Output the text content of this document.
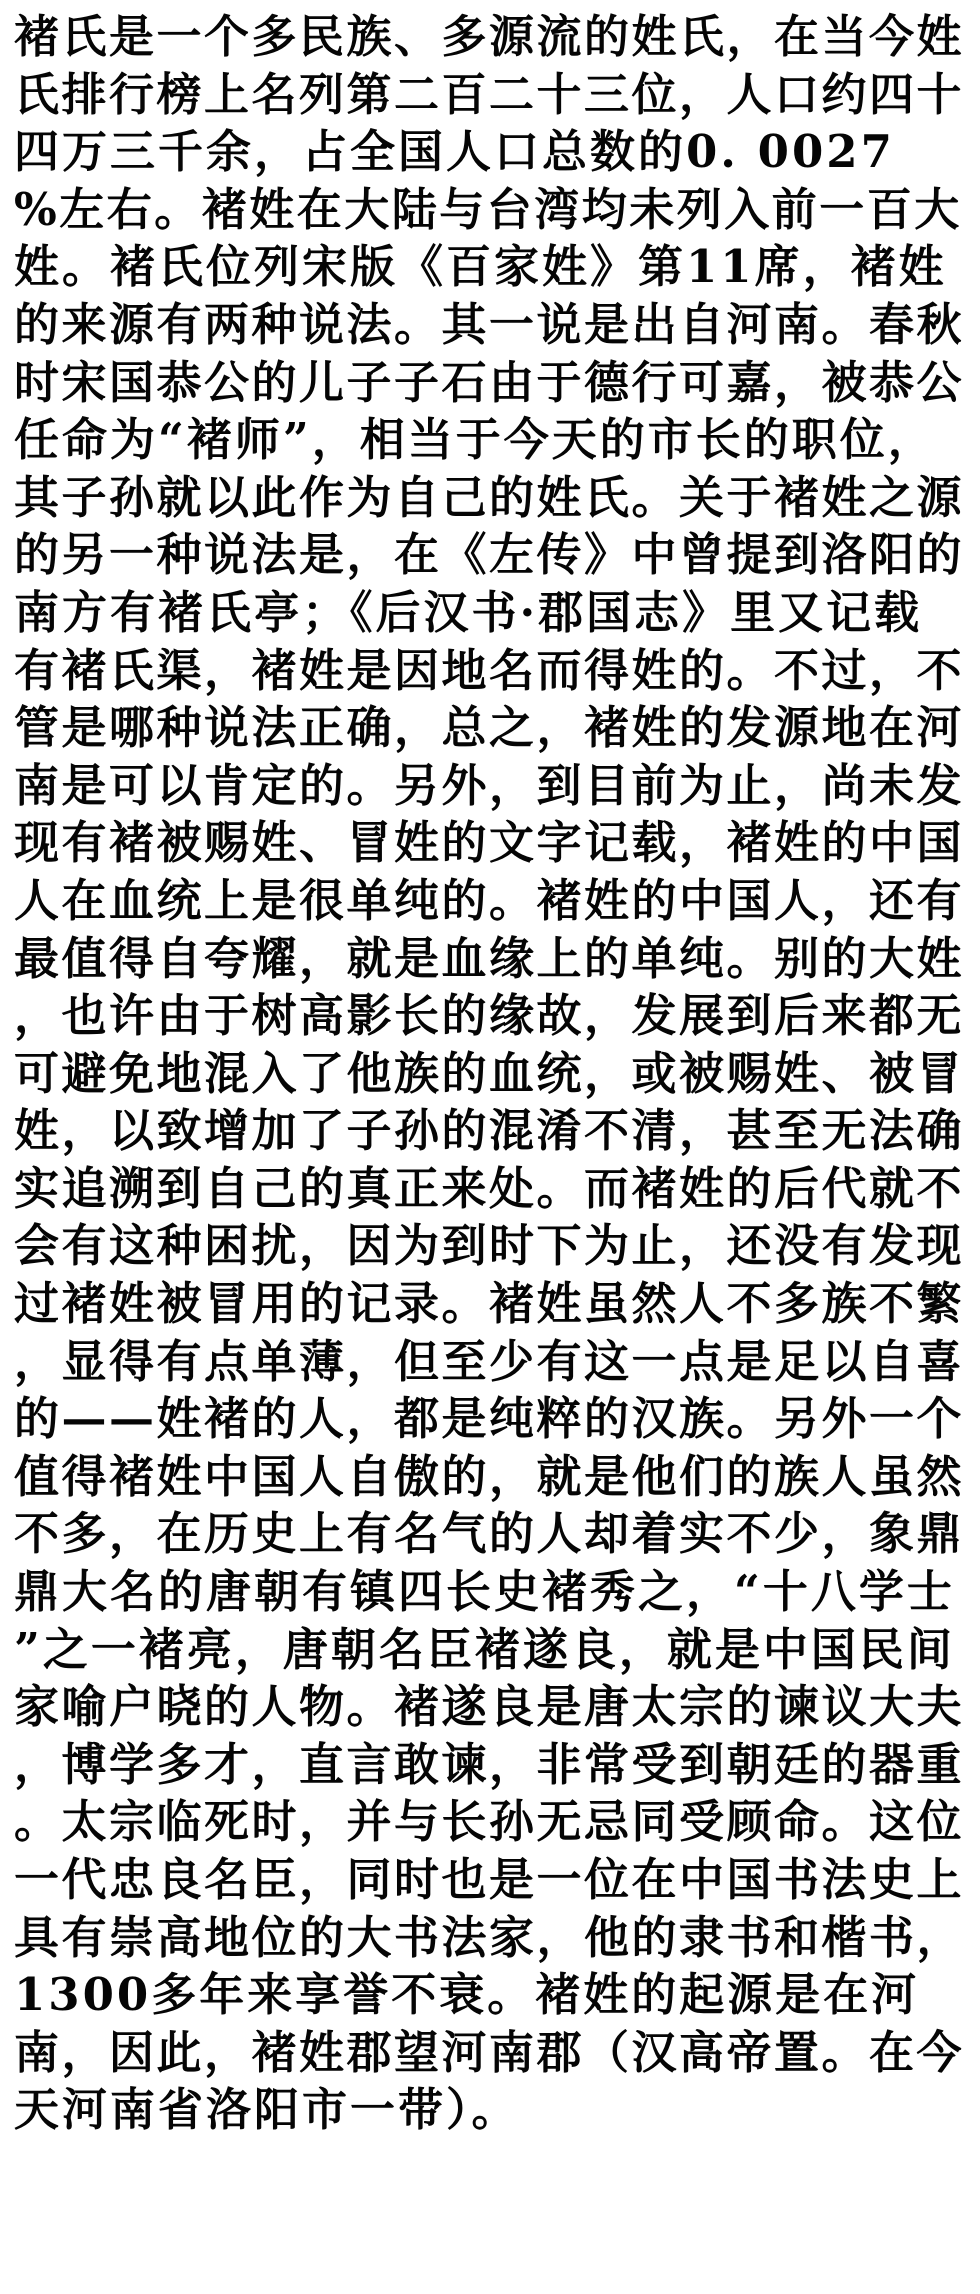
褚氏是一个多民族、多源流的姓氏，在当今姓
氏排行榜上名列第二百二十三位，人口约四十
四万三千余，占全国人口总数的0. 0027
%左右。褚姓在大陆与台湾均未列入前一百大
姓。褚氏位列宋版《百家姓》第11席，褚姓
的来源有两种说法。其一说是出自河南。春秋
时宋国恭公的儿子子石由于德行可嘉，被恭公
任命为“褚师”，相当于今天的市长的职位，
其子孙就以此作为自己的姓氏。关于褚姓之源
的另一种说法是，在《左传》中曾提到洛阳的
南方有褚氏亭；《后汉书·郡国志》里又记载
有褚氏渠，褚姓是因地名而得姓的。不过，不
管是哪种说法正确，总之，褚姓的发源地在河
南是可以肯定的。另外，到目前为止，尚未发
现有褚被赐姓、冒姓的文字记载，褚姓的中国
人在血统上是很单纯的。褚姓的中国人，还有
最值得自夸耀，就是血缘上的单纯。别的大姓
，也许由于树高影长的缘故，发展到后来都无
可避免地混入了他族的血统，或被赐姓、被冒
姓，以致增加了子孙的混淆不清，甚至无法确
实追溯到自己的真正来处。而褚姓的后代就不
会有这种困扰，因为到时下为止，还没有发现
过褚姓被冒用的记录。褚姓虽然人不多族不繁
，显得有点单薄，但至少有这一点是足以自喜
的——姓褚的人，都是纯粹的汉族。另外一个
值得褚姓中国人自傲的，就是他们的族人虽然
不多，在历史上有名气的人却着实不少，象鼎
鼎大名的唐朝有镇四长史褚秀之，“十八学士
”之一褚亮，唐朝名臣褚遂良，就是中国民间
家喻户晓的人物。褚遂良是唐太宗的谏议大夫
，博学多才，直言敢谏，非常受到朝廷的器重
。太宗临死时，并与长孙无忌同受顾命。这位
一代忠良名臣，同时也是一位在中国书法史上
具有崇高地位的大书法家，他的隶书和楷书，
1300多年来享誉不衰。褚姓的起源是在河
南，因此，褚姓郡望河南郡（汉高帝置。在今
天河南省洛阳市一带）。
